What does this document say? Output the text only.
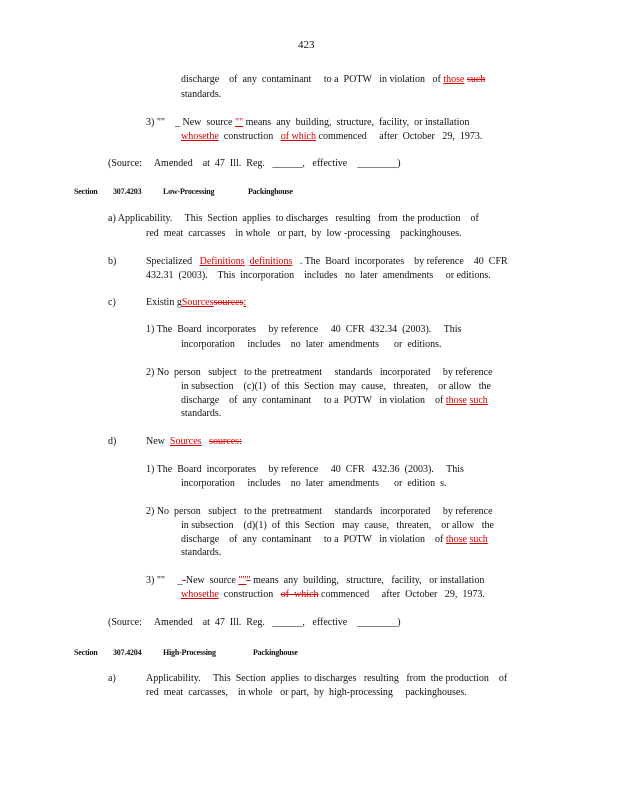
423
discharge    of  any  contaminant     to a  POTW   in violation   of those such
standards.
3) ""    _ New  source "" means  any  building,  structure,  facility,  or installation
whosethe  construction of which commenced     after  October   29,  1973.
(Source:     Amended    at  47  Ill.  Reg.   ______,   effective    ________)
Section 307.4203	Low-Processing	Packinghouse
a) Applicability.     This  Section  applies  to discharges   resulting   from  the production    of
red  meat  carcasses    in whole   or part,  by  low -processing    packinghouses.
b)	Specialized Definitions definitions . The  Board  incorporates    by reference    40  CFR
432.31  (2003).    This  incorporation    includes   no  later  amendments     or editions.
c)	Existin gSourcessources:
1) The  Board  incorporates     by reference     40  CFR  432.34  (2003).     This
incorporation     includes    no  later  amendments      or  editions.
2) No  person   subject   to the  pretreatment     standards   incorporated     by reference
in subsection    (c)(1)  of  this  Section  may  cause,   threaten,    or allow   the
discharge    of  any  contaminant     to a  POTW   in violation    of those such
standards.
d)	New Sources sources:
1) The  Board  incorporates     by reference     40  CFR   432.36  (2003).     This
incorporation     includes    no  later  amendments      or  edition  s.
2) No  person   subject   to the  pretreatment     standards   incorporated     by reference
in subsection    (d)(1)  of  this  Section   may  cause,   threaten,    or allow   the
discharge    of  any  contaminant     to a  POTW   in violation    of those such
standards.
3) ""     _-New  source """ means  any  building,   structure,   facility,   or installation
whosethe  construction of  which commenced     after  October   29,  1973.
(Source:     Amended    at  47  Ill.  Reg.   ______,   effective    ________)
Section 307.4204	High-Processing	Packinghouse
a)	Applicability.     This  Section  applies  to discharges   resulting   from  the production    of
red  meat  carcasses,    in whole   or part,  by  high-processing     packinghouses.
